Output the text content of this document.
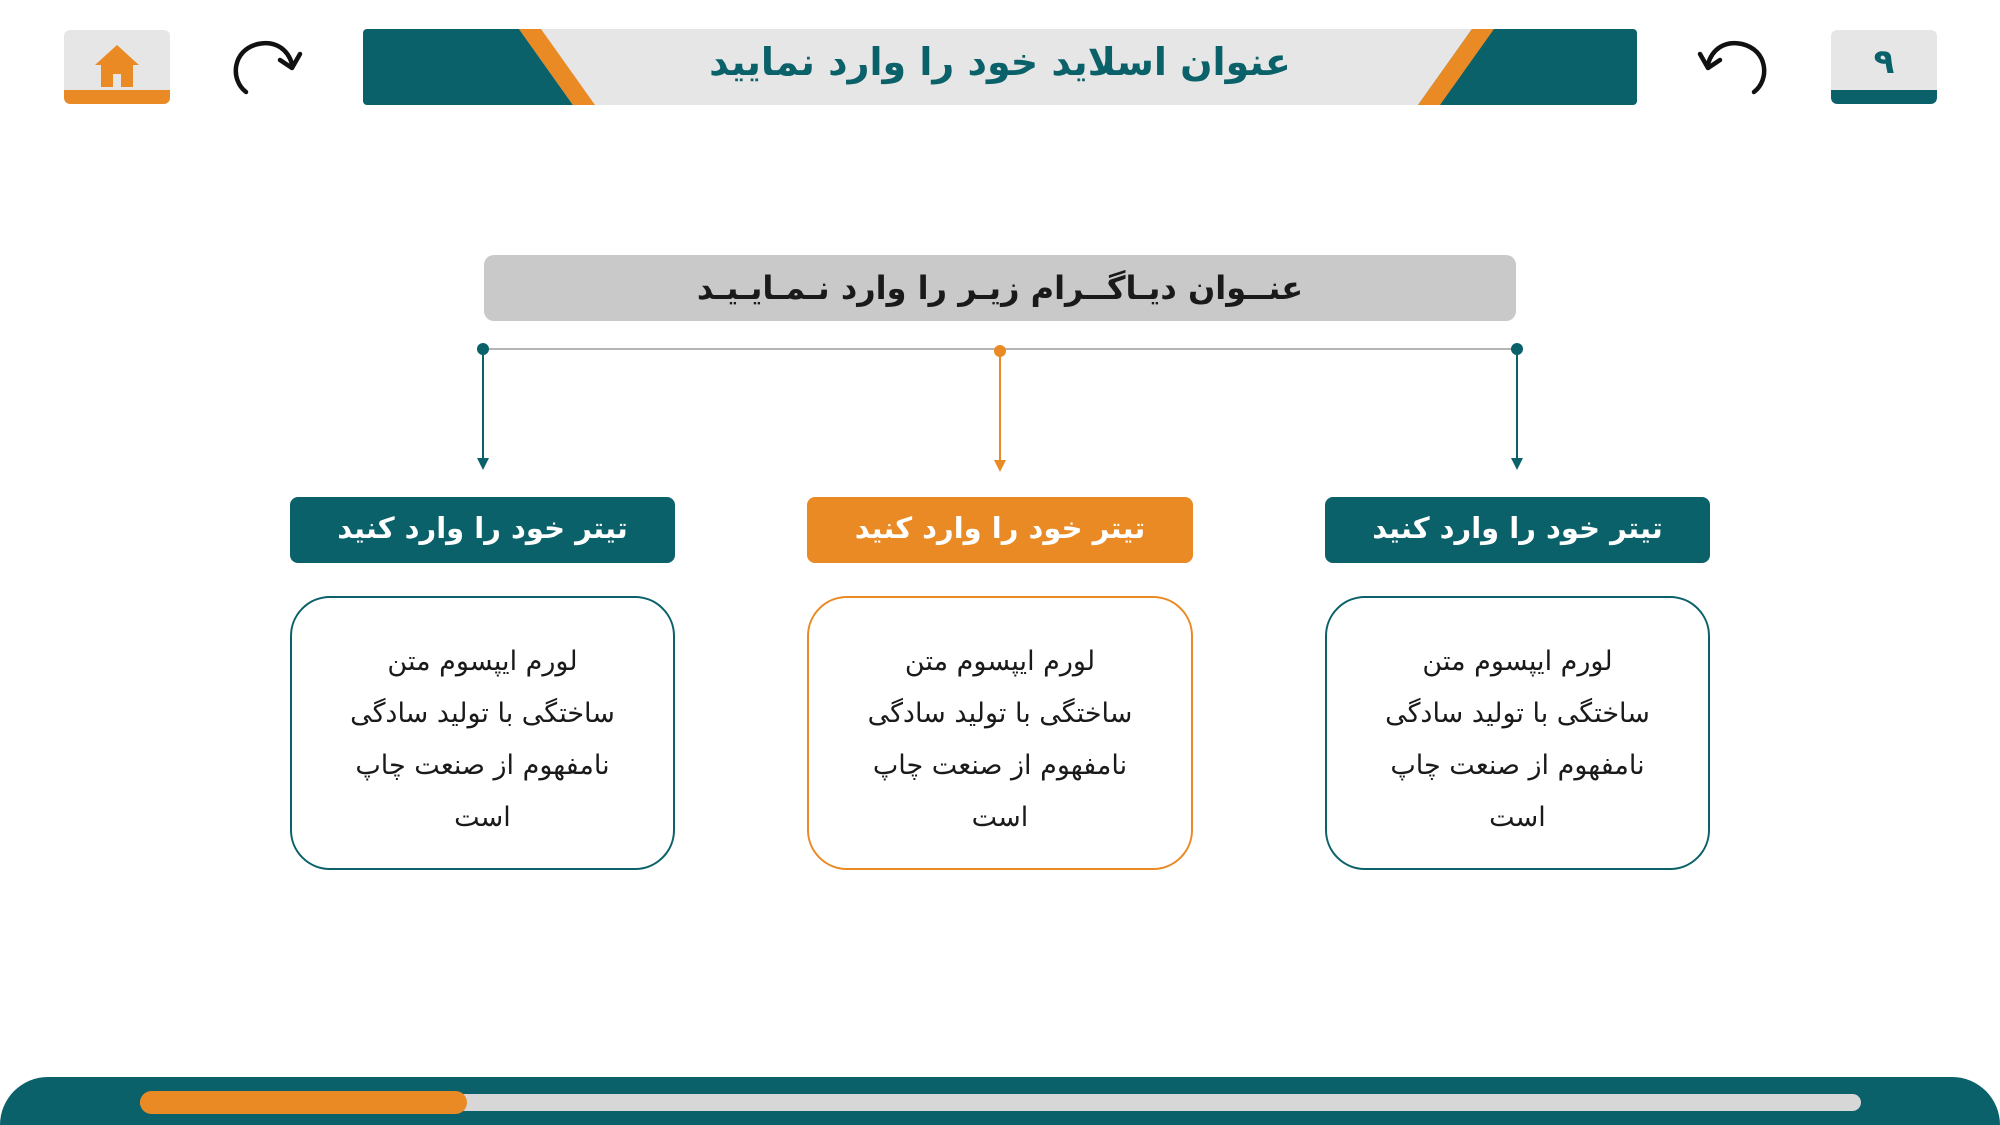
عنوان اسلاید خود را وارد نمایید	۹
عنــوان دیـاگــرام زیـر را وارد نـمـایـیـد
تیتر خود را وارد کنید
لورم ایپسوم متن
ساختگی با تولید سادگی
نامفهوم از صنعت چاپ
است
تیتر خود را وارد کنید
لورم ایپسوم متن
ساختگی با تولید سادگی
نامفهوم از صنعت چاپ
است
تیتر خود را وارد کنید
لورم ایپسوم متن
ساختگی با تولید سادگی
نامفهوم از صنعت چاپ
است
